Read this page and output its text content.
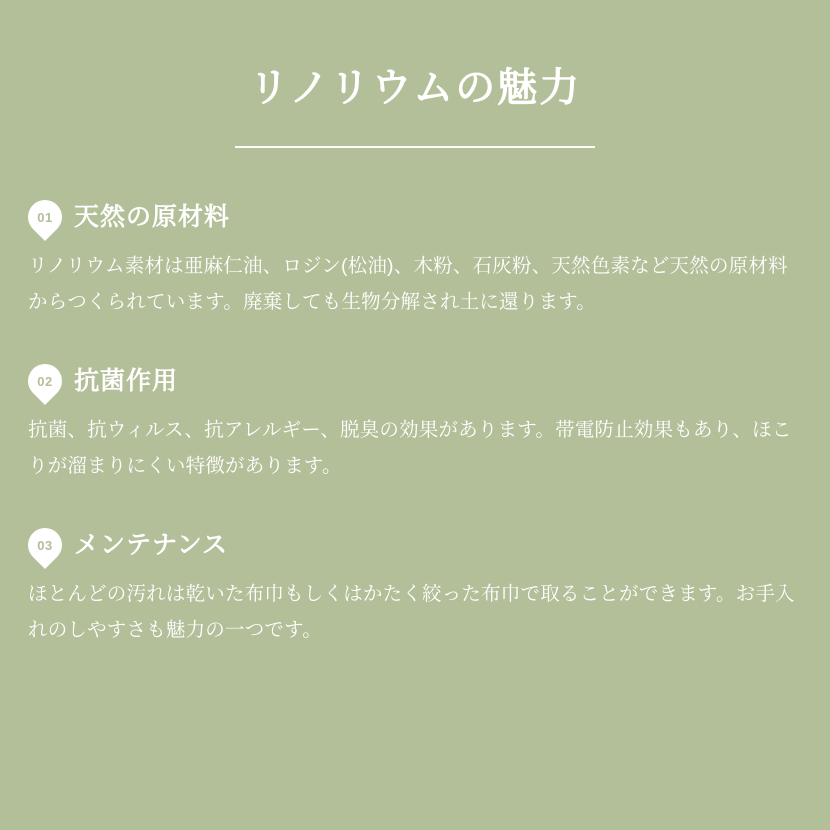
リノリウムの魅力
01 天然の原材料
リノリウム素材は亜麻仁油、ロジン(松油)、木粉、石灰粉、天然色素など天然の原材料からつくられています。廃棄しても生物分解され土に還ります。
02 抗菌作用
抗菌、抗ウィルス、抗アレルギー、脱臭の効果があります。帯電防止効果もあり、ほこりが溜まりにくい特徴があります。
03 メンテナンス
ほとんどの汚れは乾いた布巾もしくはかたく絞った布巾で取ることができます。お手入れのしやすさも魅力の一つです。
